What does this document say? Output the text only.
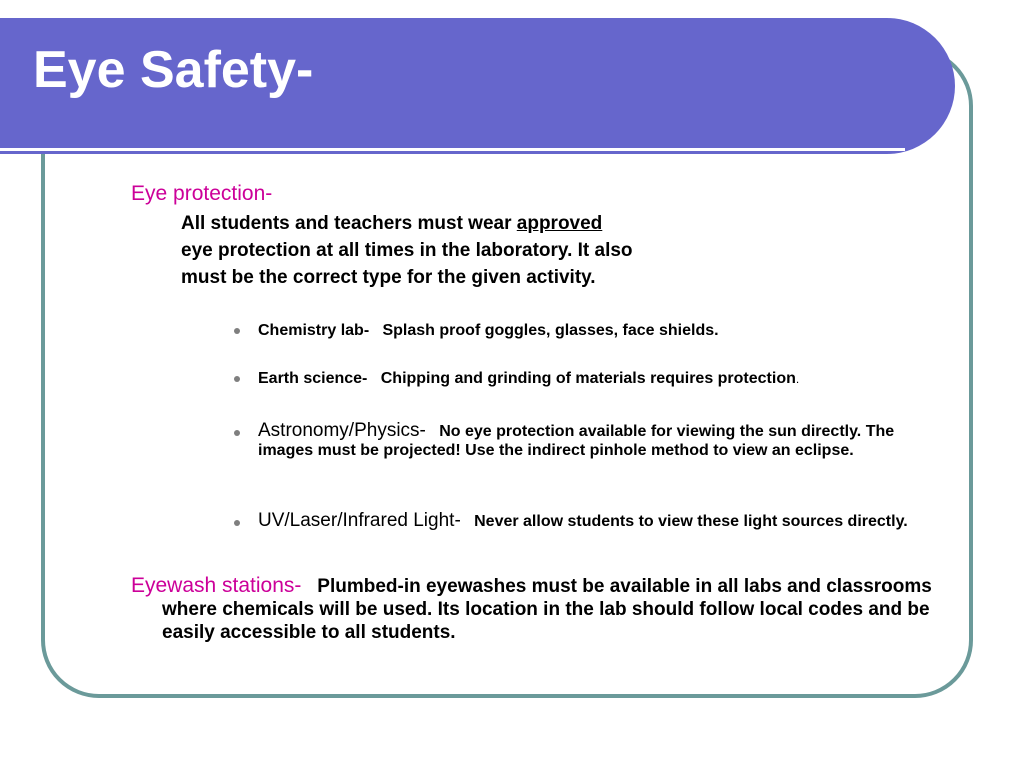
Eye Safety-
Eye protection-
All students and teachers must wear approved
eye protection at all times in the laboratory. It also
must be the correct type for the given activity.
Chemistry lab- Splash proof goggles, glasses, face shields.
Earth science- Chipping and grinding of materials requires protection.
Astronomy/Physics- No eye protection available for viewing the sun directly. The images must be projected! Use the indirect pinhole method to view an eclipse.
UV/Laser/Infrared Light- Never allow students to view these light sources directly.
Eyewash stations- Plumbed-in eyewashes must be available in all labs and classrooms where chemicals will be used. Its location in the lab should follow local codes and be easily accessible to all students.
